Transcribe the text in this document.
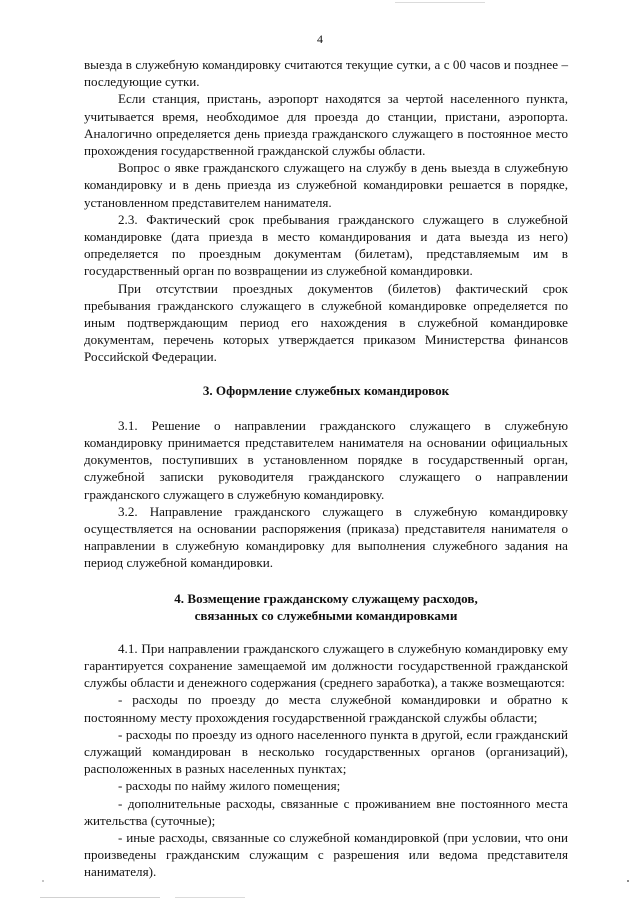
4

выезда в служебную командировку считаются текущие сутки, а с 00 часов и позднее – последующие сутки.

Если станция, пристань, аэропорт находятся за чертой населенного пункта, учитывается время, необходимое для проезда до станции, пристани, аэропорта. Аналогично определяется день приезда гражданского служащего в постоянное место прохождения государственной гражданской службы области.

Вопрос о явке гражданского служащего на службу в день выезда в служебную командировку и в день приезда из служебной командировки решается в порядке, установленном представителем нанимателя.

2.3. Фактический срок пребывания гражданского служащего в служебной командировке (дата приезда в место командирования и дата выезда из него) определяется по проездным документам (билетам), представляемым им в государственный орган по возвращении из служебной командировки.

При отсутствии проездных документов (билетов) фактический срок пребывания гражданского служащего в служебной командировке определяется по иным подтверждающим период его нахождения в служебной командировке документам, перечень которых утверждается приказом Министерства финансов Российской Федерации.

3. Оформление служебных командировок

3.1. Решение о направлении гражданского служащего в служебную командировку принимается представителем нанимателя на основании официальных документов, поступивших в установленном порядке в государственный орган, служебной записки руководителя гражданского служащего о направлении гражданского служащего в служебную командировку.

3.2. Направление гражданского служащего в служебную командировку осуществляется на основании распоряжения (приказа) представителя нанимателя о направлении в служебную командировку для выполнения служебного задания на период служебной командировки.

4. Возмещение гражданскому служащему расходов,
связанных со служебными командировками

4.1. При направлении гражданского служащего в служебную командировку ему гарантируется сохранение замещаемой им должности государственной гражданской службы области и денежного содержания (среднего заработка), а также возмещаются:

- расходы по проезду до места служебной командировки и обратно к постоянному месту прохождения государственной гражданской службы области;

- расходы по проезду из одного населенного пункта в другой, если гражданский служащий командирован в несколько государственных органов (организаций), расположенных в разных населенных пунктах;

- расходы по найму жилого помещения;

- дополнительные расходы, связанные с проживанием вне постоянного места жительства (суточные);

- иные расходы, связанные со служебной командировкой (при условии, что они произведены гражданским служащим с разрешения или ведома представителя нанимателя).
